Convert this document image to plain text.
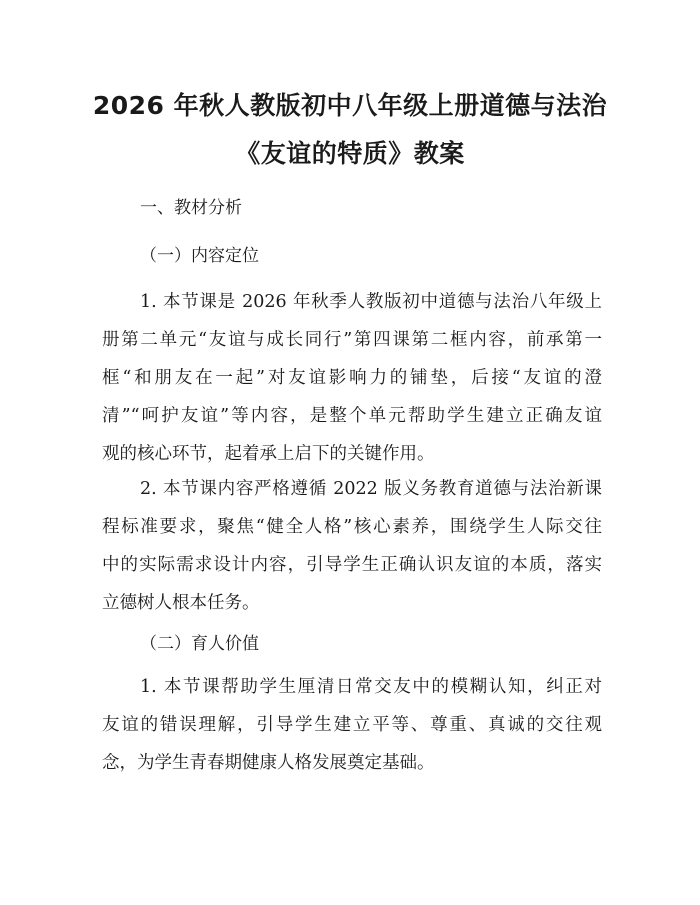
2026 年秋人教版初中八年级上册道德与法治
《友谊的特质》教案
一、教材分析
（一）内容定位
1. 本节课是 2026 年秋季人教版初中道德与法治八年级上
册第二单元“友谊与成长同行”第四课第二框内容，前承第一
框“和朋友在一起”对友谊影响力的铺垫，后接“友谊的澄
清”“呵护友谊”等内容，是整个单元帮助学生建立正确友谊
观的核心环节，起着承上启下的关键作用。
2. 本节课内容严格遵循 2022 版义务教育道德与法治新课
程标准要求，聚焦“健全人格”核心素养，围绕学生人际交往
中的实际需求设计内容，引导学生正确认识友谊的本质，落实
立德树人根本任务。
（二）育人价值
1. 本节课帮助学生厘清日常交友中的模糊认知，纠正对
友谊的错误理解，引导学生建立平等、尊重、真诚的交往观
念，为学生青春期健康人格发展奠定基础。
